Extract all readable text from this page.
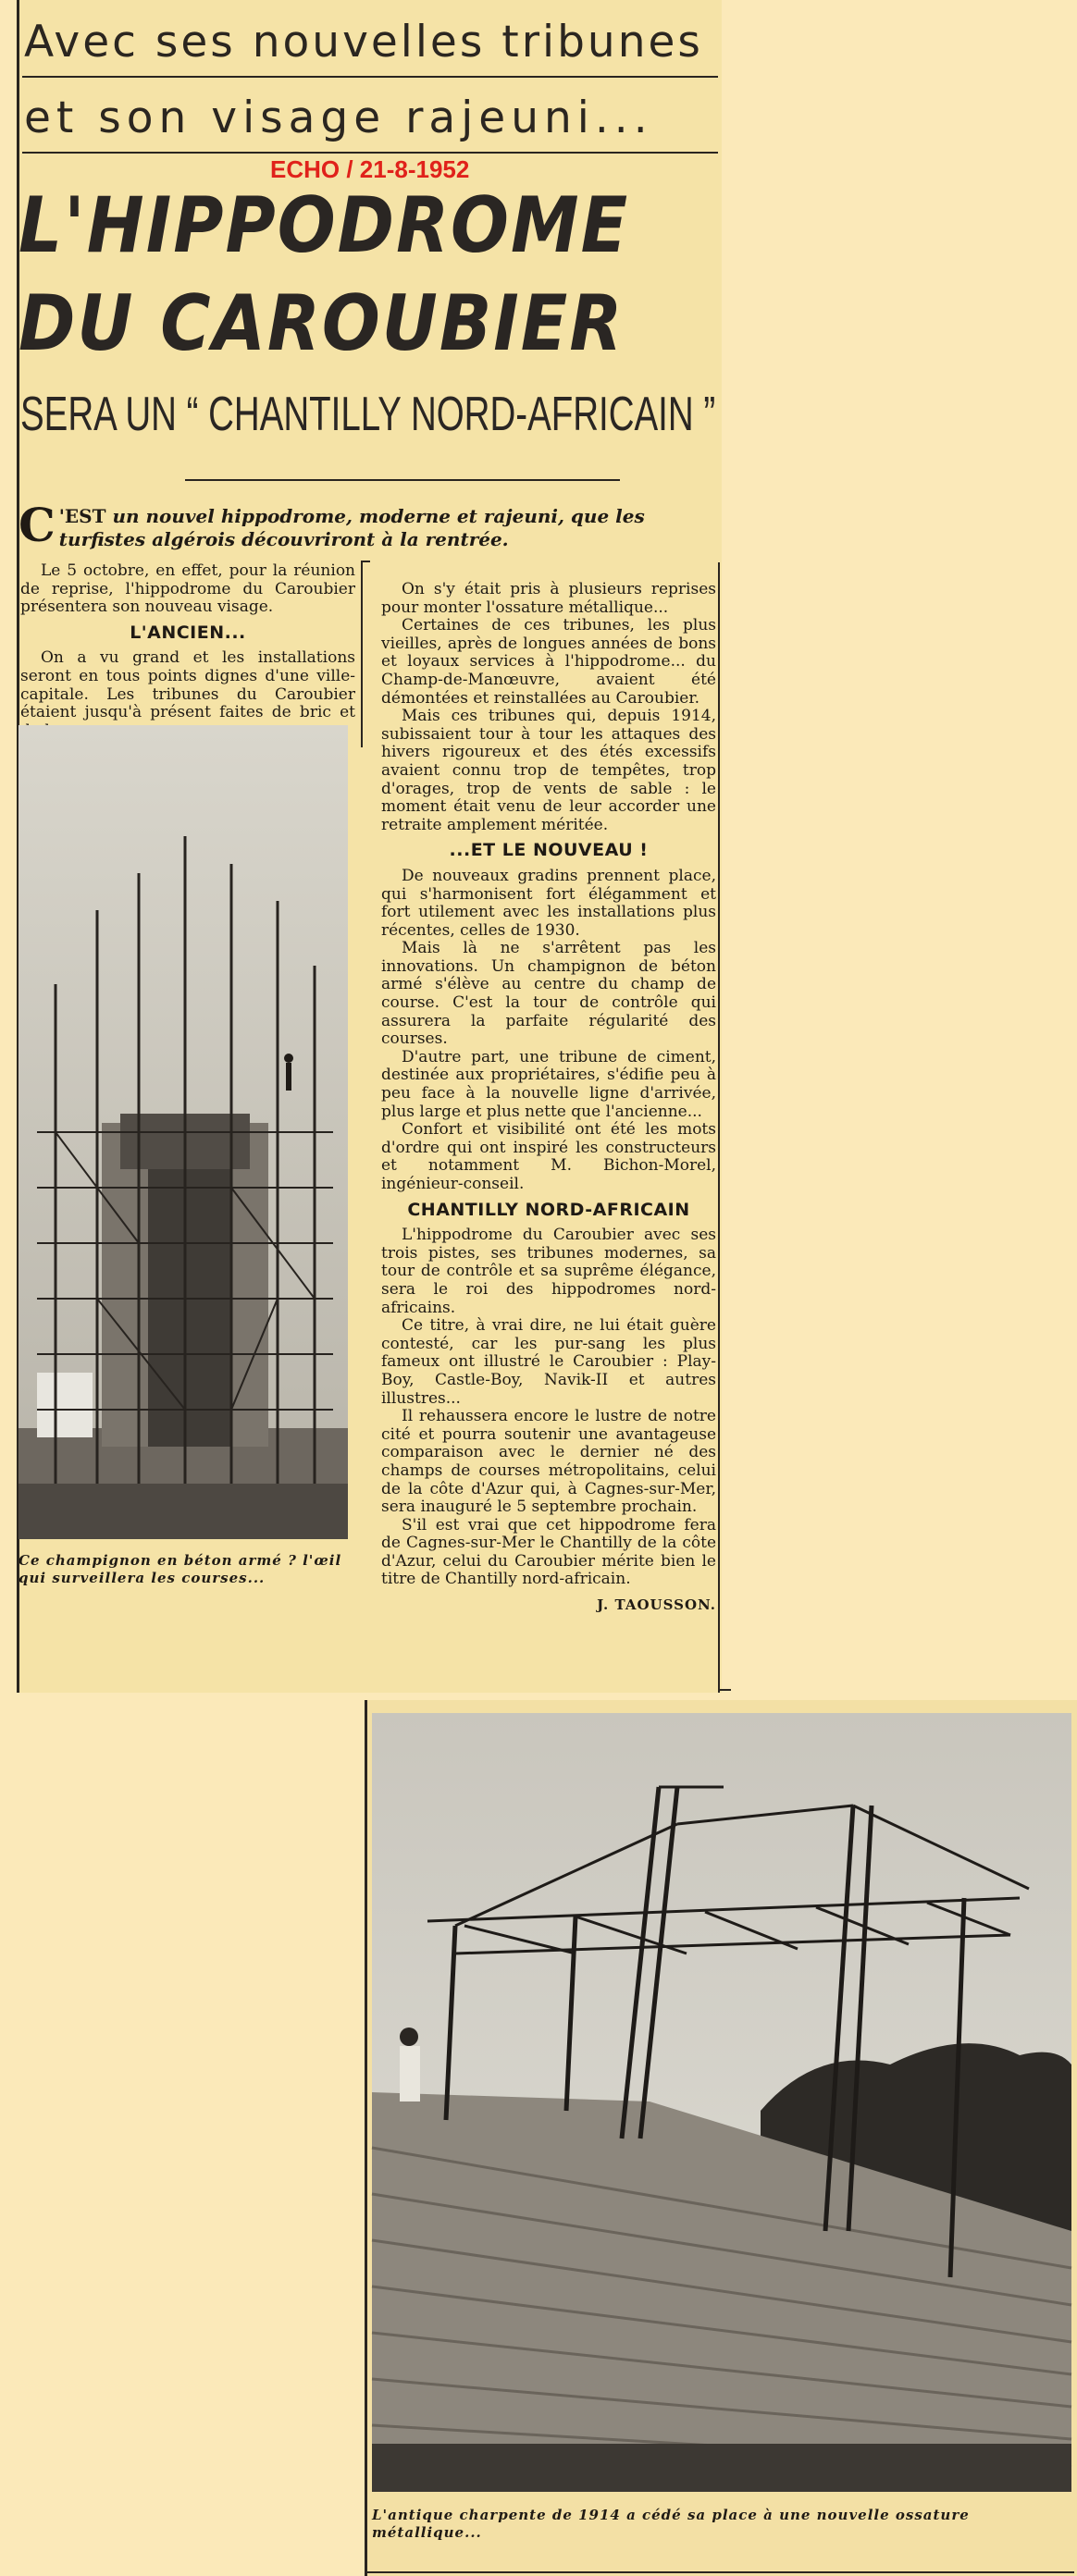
Avec ses nouvelles tribunes
et son visage rajeuni...
ECHO / 21-8-1952
L'HIPPODROME
DU CAROUBIER
SERA UN “ CHANTILLY NORD-AFRICAIN ”
C 'EST un nouvel hippodrome, moderne et rajeuni, que les turfistes algérois découvriront à la rentrée.

Le 5 octobre, en effet, pour la réunion de reprise, l'hippodrome du Caroubier présentera son nouveau visage.

L'ANCIEN...

On a vu grand et les installations seront en tous points dignes d'une ville-capitale. Les tribunes du Caroubier étaient jusqu'à présent faites de bric et

Ce champignon en béton armé ? l'œil qui surveillera les courses...

On s'y était pris à plusieurs reprises pour monter l'ossature métallique...

Certaines de ces tribunes, les plus vieilles, après de longues années de bons et loyaux services à l'hippodrome... du Champ-de-Manœuvre, avaient été démontées et reinstallées au Caroubier.

Mais ces tribunes qui, depuis 1914, subissaient tour à tour les attaques des hivers rigoureux et des étés excessifs avaient connu trop de tempêtes, trop d'orages, trop de vents de sable : le moment était venu de leur accorder une retraite amplement méritée.

...ET LE NOUVEAU !

De nouveaux gradins prennent place, qui s'harmonisent fort élégamment et fort utilement avec les installations plus récentes, celles de 1930.

Mais là ne s'arrêtent pas les innovations. Un champignon de béton armé s'élève au centre du champ de course. C'est la tour de contrôle qui assurera la parfaite régularité des courses.

D'autre part, une tribune de ciment, destinée aux propriétaires, s'édifie peu à peu face à la nouvelle ligne d'arrivée, plus large et plus nette que l'ancienne...

Confort et visibilité ont été les mots d'ordre qui ont inspiré les constructeurs et notamment M. Bichon-Morel, ingénieur-conseil.

CHANTILLY NORD-AFRICAIN

L'hippodrome du Caroubier avec ses trois pistes, ses tribunes modernes, sa tour de contrôle et sa suprême élégance, sera le roi des hippodromes nord-africains.

Ce titre, à vrai dire, ne lui était guère contesté, car les pur-sang les plus fameux ont illustré le Caroubier : Play-Boy, Castle-Boy, Navik-II et autres illustres...

Il rehaussera encore le lustre de notre cité et pourra soutenir une avantageuse comparaison avec le dernier né des champs de courses métropolitains, celui de la côte d'Azur qui, à Cagnes-sur-Mer, sera inauguré le 5 septembre prochain.

S'il est vrai que cet hippodrome fera de Cagnes-sur-Mer le Chantilly de la côte d'Azur, celui du Caroubier mérite bien le titre de Chantilly nord-africain.

J. TAOUSSON.
L'antique charpente de 1914 a cédé sa place à une nouvelle ossature métallique...
